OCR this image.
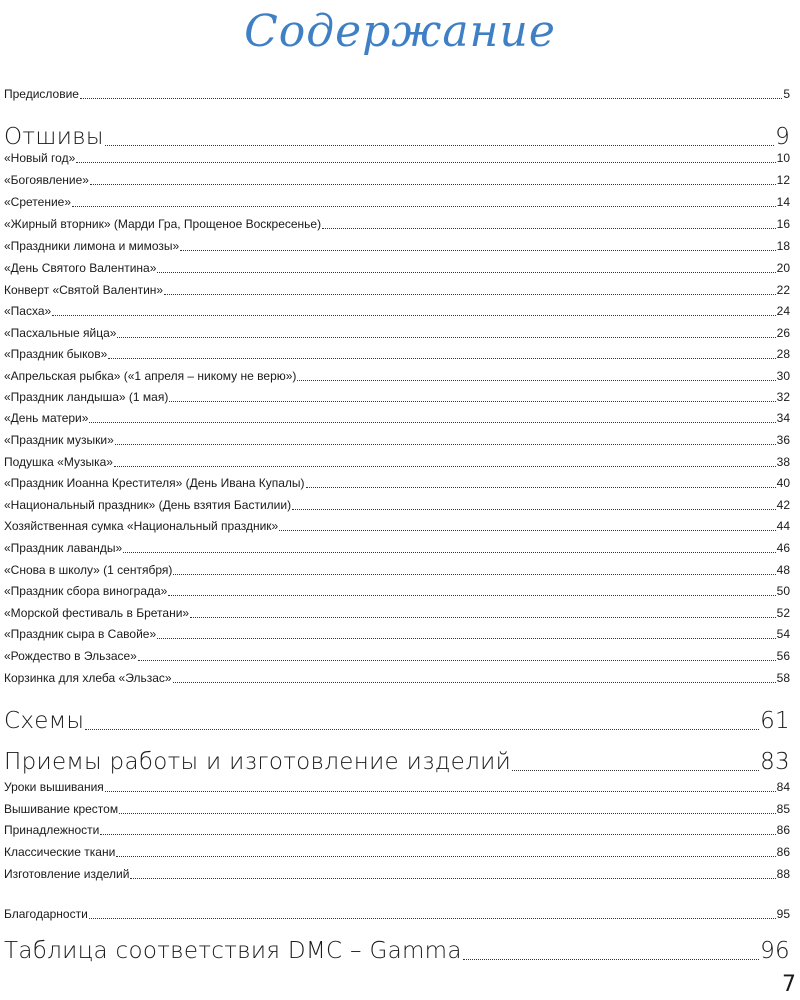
Содержание
Предисловие	5
Отшивы	9
«Новый год»	10
«Богоявление»	12
«Сретение»	14
«Жирный вторник» (Марди Гра, Прощеное Воскресенье)	16
«Праздники лимона и мимозы»	18
«День Святого Валентина»	20
Конверт «Святой Валентин»	22
«Пасха»	24
«Пасхальные яйца»	26
«Праздник быков»	28
«Апрельская рыбка» («1 апреля – никому не верю»)	30
«Праздник ландыша» (1 мая)	32
«День матери»	34
«Праздник музыки»	36
Подушка «Музыка»	38
«Праздник Иоанна Крестителя» (День Ивана Купалы)	40
«Национальный праздник» (День взятия Бастилии)	42
Хозяйственная сумка «Национальный праздник»	44
«Праздник лаванды»	46
«Снова в школу» (1 сентября)	48
«Праздник сбора винограда»	50
«Морской фестиваль в Бретани»	52
«Праздник сыра в Савойе»	54
«Рождество в Эльзасе»	56
Корзинка для хлеба «Эльзас»	58
Схемы	61
Приемы работы и изготовление изделий	83
Уроки вышивания	84
Вышивание крестом	85
Принадлежности	86
Классические ткани	86
Изготовление изделий	88
Благодарности	95
Таблица соответствия DMC – Gamma	96
7
